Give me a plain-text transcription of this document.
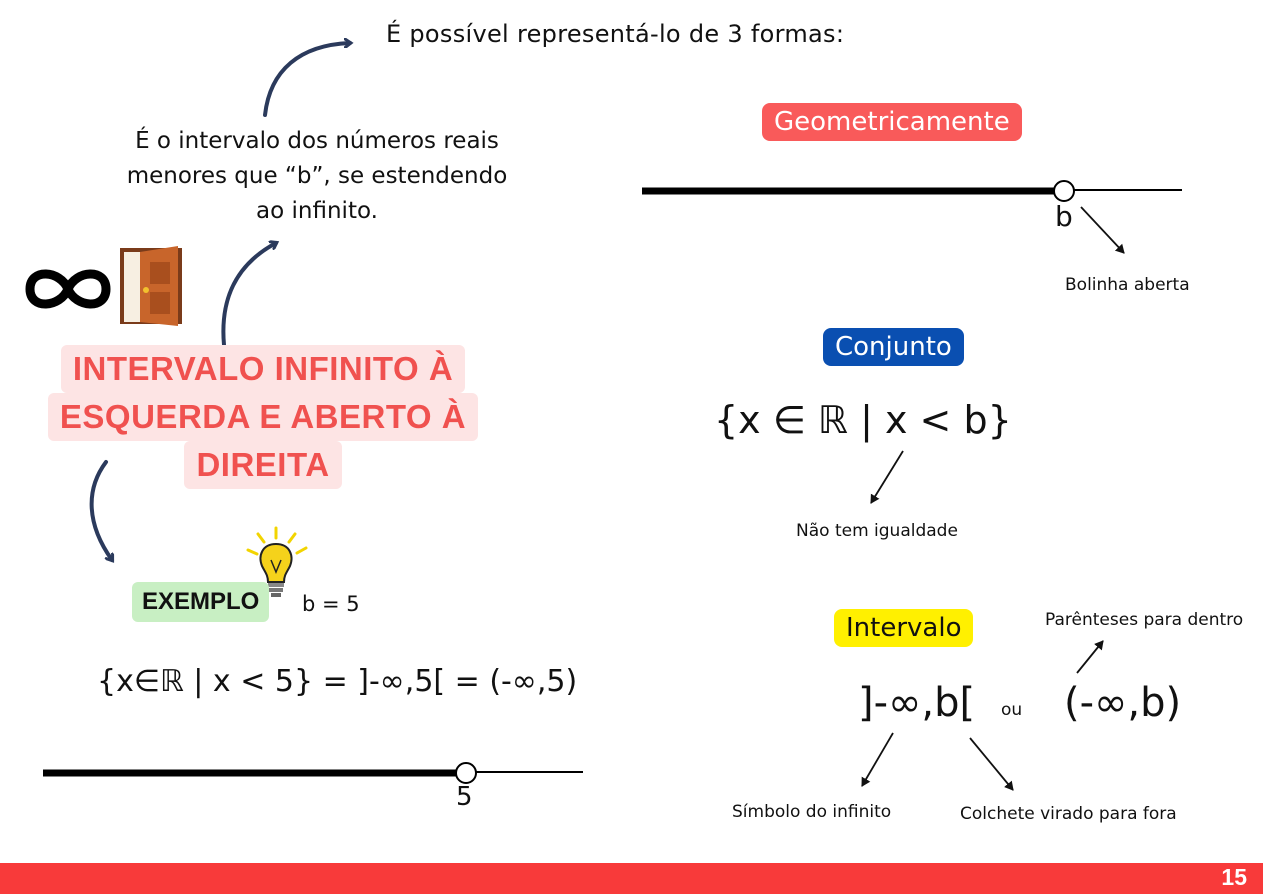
É possível representá-lo de 3 formas:
É o intervalo dos números reais
menores que “b”, se estendendo
ao infinito.
INTERVALO INFINITO À
ESQUERDA E ABERTO À
DIREITA
Geometricamente
b
Bolinha aberta
Conjunto
{x ∈ ℝ | x < b}
Não tem igualdade
EXEMPLO	b = 5
{x∈ℝ | x < 5} = ]-∞,5[ = (-∞,5)
5
Intervalo	Parênteses para dentro
]-∞,b[ ou (-∞,b)
Símbolo do infinito	Colchete virado para fora
15
